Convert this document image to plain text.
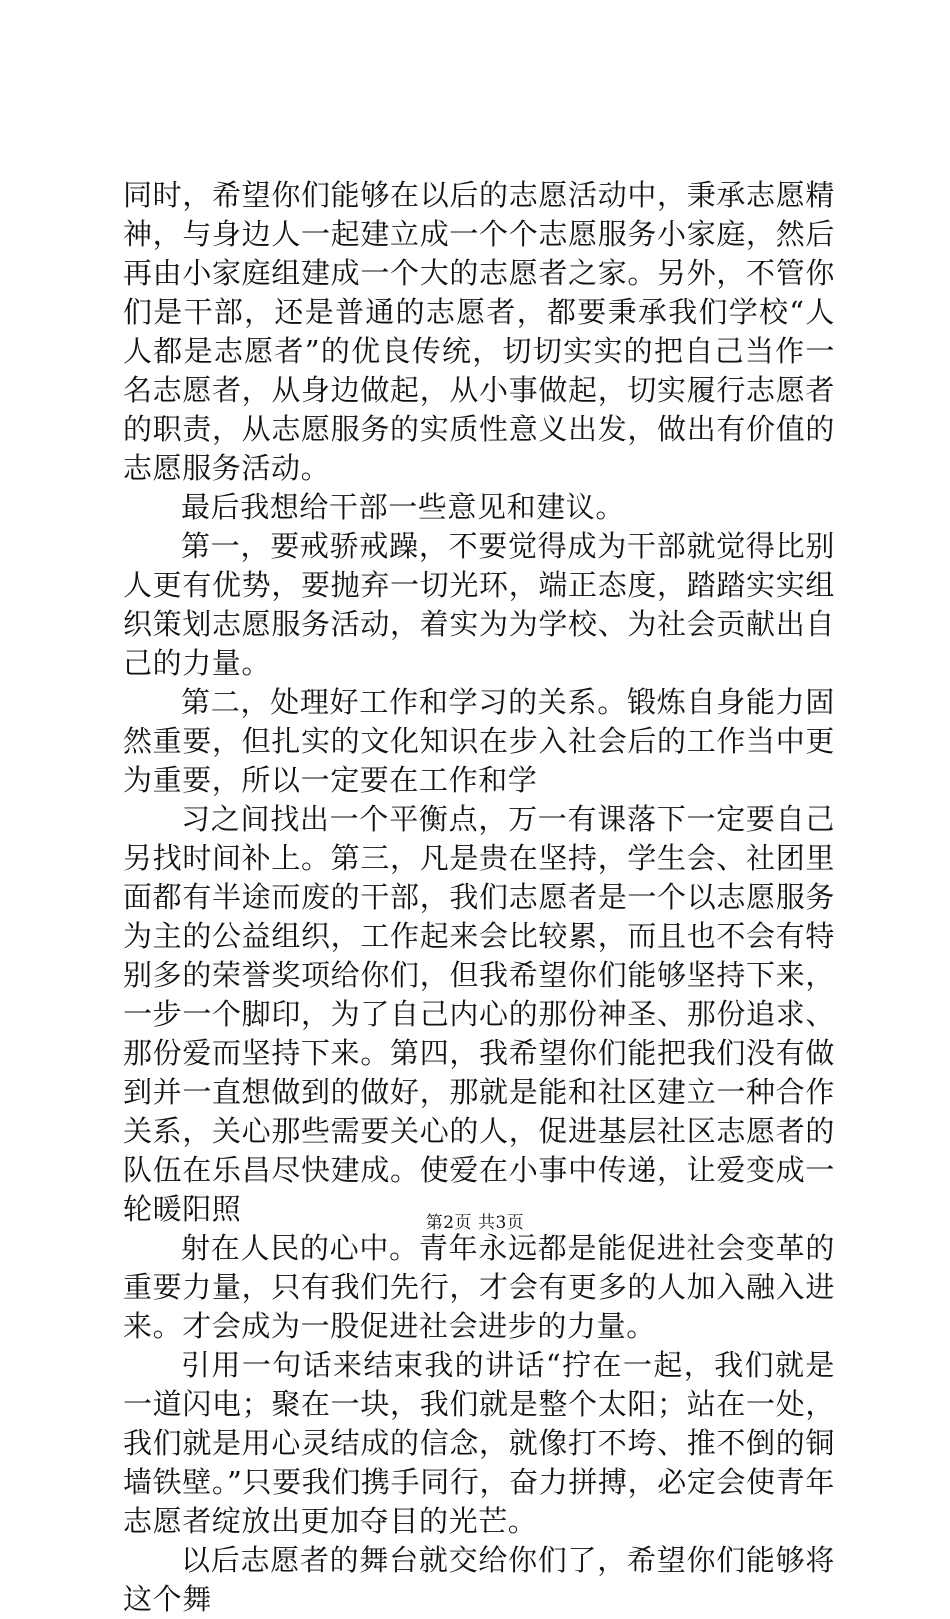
同时，希望你们能够在以后的志愿活动中，秉承志愿精神，与身边人一起建立成一个个志愿服务小家庭，然后再由小家庭组建成一个大的志愿者之家。另外，不管你们是干部，还是普通的志愿者，都要秉承我们学校“人人都是志愿者”的优良传统，切切实实的把自己当作一名志愿者，从身边做起，从小事做起，切实履行志愿者的职责，从志愿服务的实质性意义出发，做出有价值的志愿服务活动。

最后我想给干部一些意见和建议。

第一，要戒骄戒躁，不要觉得成为干部就觉得比别人更有优势，要抛弃一切光环，端正态度，踏踏实实组织策划志愿服务活动，着实为为学校、为社会贡献出自己的力量。

第二，处理好工作和学习的关系。锻炼自身能力固然重要，但扎实的文化知识在步入社会后的工作当中更为重要，所以一定要在工作和学

习之间找出一个平衡点，万一有课落下一定要自己另找时间补上。第三，凡是贵在坚持，学生会、社团里面都有半途而废的干部，我们志愿者是一个以志愿服务为主的公益组织，工作起来会比较累，而且也不会有特别多的荣誉奖项给你们，但我希望你们能够坚持下来，一步一个脚印，为了自己内心的那份神圣、那份追求、那份爱而坚持下来。第四，我希望你们能把我们没有做到并一直想做到的做好，那就是能和社区建立一种合作关系，关心那些需要关心的人，促进基层社区志愿者的队伍在乐昌尽快建成。使爱在小事中传递，让爱变成一轮暖阳照

射在人民的心中。青年永远都是能促进社会变革的重要力量，只有我们先行，才会有更多的人加入融入进来。才会成为一股促进社会进步的力量。

引用一句话来结束我的讲话“拧在一起，我们就是一道闪电；聚在一块，我们就是整个太阳；站在一处，我们就是用心灵结成的信念，就像打不垮、推不倒的铜墙铁壁。”只要我们携手同行，奋力拼搏，必定会使青年志愿者绽放出更加夺目的光芒。

以后志愿者的舞台就交给你们了，希望你们能够将这个舞

第2页 共3页
